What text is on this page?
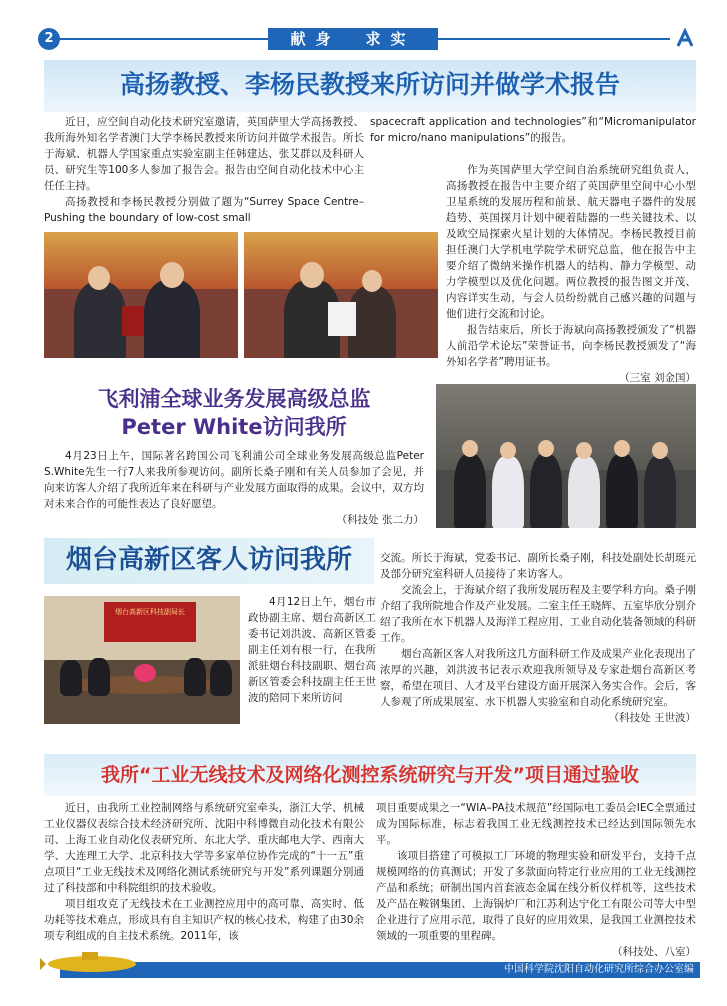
2	献身　求实
高扬教授、李杨民教授来所访问并做学术报告

近日，应空间自动化技术研究室邀请，英国萨里大学高扬教授、我所海外知名学者澳门大学李杨民教授来所访问并做学术报告。所长于海斌、机器人学国家重点实验室副主任韩建达、张艾群以及科研人员、研究生等100多人参加了报告会。报告由空间自动化技术中心主任任主持。

高扬教授和李杨民教授分别做了题为“Surrey Space Centre–Pushing the boundary of low-cost small

spacecraft application and technologies”和“Micromanipulator for micro/nano manipulations”的报告。

作为英国萨里大学空间自治系统研究组负责人，高扬教授在报告中主要介绍了英国萨里空间中心小型卫星系统的发展历程和前景、航天器电子器件的发展趋势、英国探月计划中硬着陆器的一些关键技术、以及欧空局探索火星计划的大体情况。李杨民教授目前担任澳门大学机电学院学术研究总监，他在报告中主要介绍了微纳米操作机器人的结构、静力学模型、动力学模型以及优化问题。两位教授的报告图文并茂、内容详实生动，与会人员纷纷就自己感兴趣的问题与他们进行交流和讨论。

报告结束后，所长于海斌向高扬教授颁发了“机器人前沿学术论坛”荣誉证书，向李杨民教授颁发了“海外知名学者”聘用证书。

（三室 刘金国）

飞利浦全球业务发展高级总监
Peter White访问我所

4月23日上午，国际著名跨国公司飞利浦公司全球业务发展高级总监Peter S.White先生一行7人来我所参观访问。副所长桑子刚和有关人员参加了会见，并向来访客人介绍了我所近年来在科研与产业发展方面取得的成果。会议中，双方均对未来合作的可能性表达了良好愿望。

（科技处 张二力）

烟台高新区客人访问我所
烟台高新区科技副局长

4月12日上午，烟台市政协副主席、烟台高新区工委书记刘洪波、高新区管委副主任刘有根一行，在我所派驻烟台科技副职、烟台高新区管委会科技副主任王世波的陪同下来所访问

交流。所长于海斌，党委书记、副所长桑子刚，科技处副处长胡珽元及部分研究室科研人员接待了来访客人。

交流会上，于海斌介绍了我所发展历程及主要学科方向。桑子刚介绍了我所院地合作及产业发展。二室主任王晓辉、五室毕欣分别介绍了我所在水下机器人及海洋工程应用、工业自动化装备领域的科研工作。

烟台高新区客人对我所这几方面科研工作及成果产业化表现出了浓厚的兴趣，刘洪波书记表示欢迎我所领导及专家赴烟台高新区考察，希望在项目、人才及平台建设方面开展深入务实合作。会后，客人参观了所成果展室、水下机器人实验室和自动化系统研究室。

（科技处 王世波）

我所“工业无线技术及网络化测控系统研究与开发”项目通过验收

近日，由我所工业控制网络与系统研究室牵头，浙江大学、机械工业仪器仪表综合技术经济研究所、沈阳中科博微自动化技术有限公司、上海工业自动化仪表研究所、东北大学、重庆邮电大学、西南大学、大连理工大学、北京科技大学等多家单位协作完成的“十一五”重点项目“工业无线技术及网络化测试系统研究与开发”系列课题分别通过了科技部和中科院组织的技术验收。

项目组攻克了无线技术在工业测控应用中的高可靠、高实时、低功耗等技术难点，形成具有自主知识产权的核心技术，构建了由30余项专利组成的自主技术系统。2011年，该

项目重要成果之一“WIA–PA技术规范”经国际电工委员会IEC全票通过成为国际标准，标志着我国工业无线测控技术已经达到国际领先水平。

该项目搭建了可模拟工厂环境的物理实验和研发平台，支持千点规模网络的仿真测试；开发了多款面向特定行业应用的工业无线测控产品和系统；研制出国内首套液态金属在线分析仪样机等，这些技术及产品在鞍钢集团、上海锅炉厂和江苏利达宁化工有限公司等大中型企业进行了应用示范，取得了良好的应用效果，是我国工业测控技术领域的一项重要的里程碑。

（科技处、八室）

中国科学院沈阳自动化研究所综合办公室编
